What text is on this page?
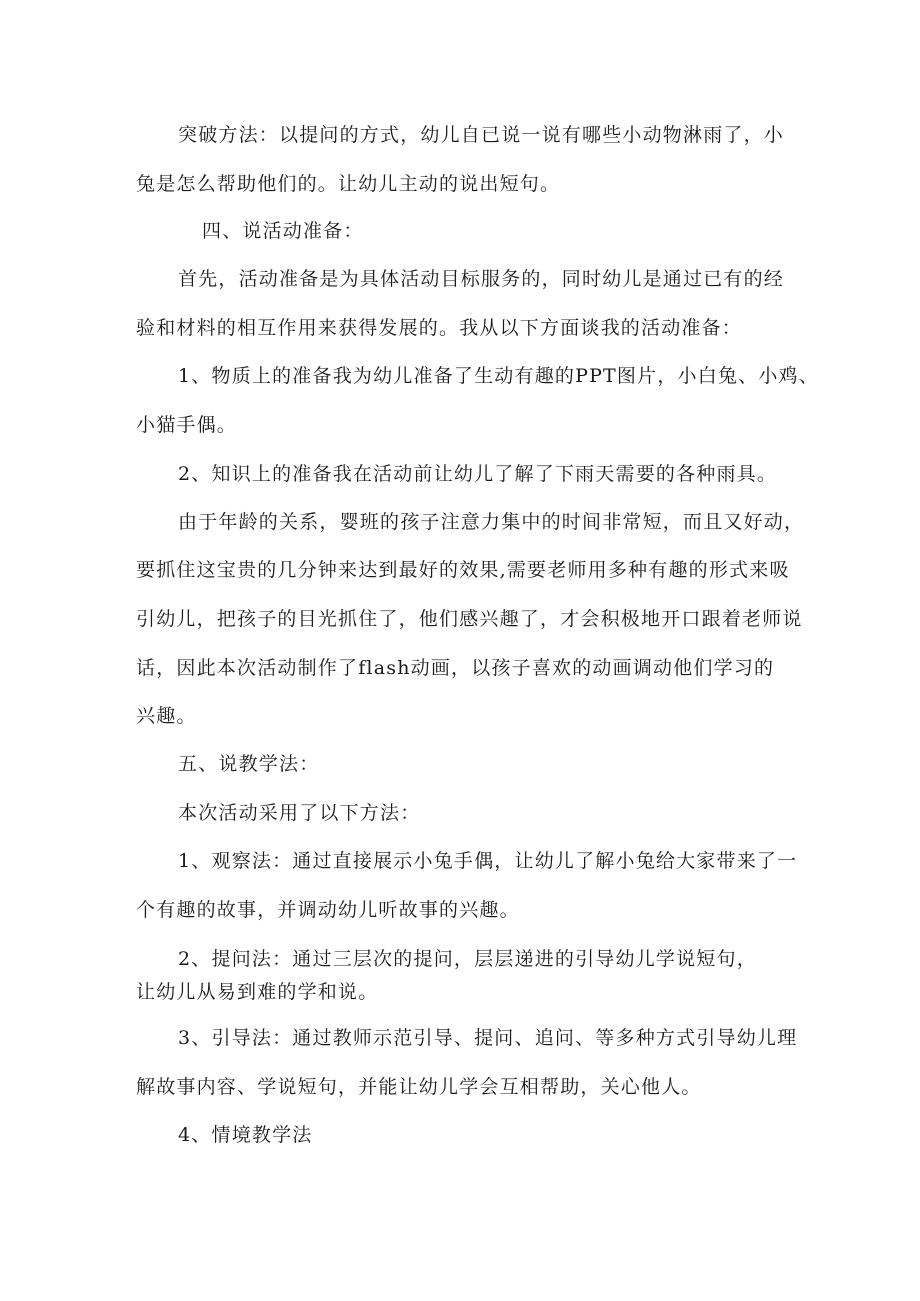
突破方法：以提问的方式，幼儿自已说一说有哪些小动物淋雨了，小
兔是怎么帮助他们的。让幼儿主动的说出短句。
四、说活动准备：
首先，活动准备是为具体活动目标服务的，同时幼儿是通过已有的经
验和材料的相互作用来获得发展的。我从以下方面谈我的活动准备：
1、物质上的准备我为幼儿准备了生动有趣的PPT图片，小白兔、小鸡、
小猫手偶。
2、知识上的准备我在活动前让幼儿了解了下雨天需要的各种雨具。
由于年龄的关系，婴班的孩子注意力集中的时间非常短，而且又好动，
要抓住这宝贵的几分钟来达到最好的效果,需要老师用多种有趣的形式来吸
引幼儿，把孩子的目光抓住了，他们感兴趣了，才会积极地开口跟着老师说
话，因此本次活动制作了flash动画，以孩子喜欢的动画调动他们学习的
兴趣。
五、说教学法：
本次活动采用了以下方法：
1、观察法：通过直接展示小兔手偶，让幼儿了解小兔给大家带来了一
个有趣的故事，并调动幼儿听故事的兴趣。
2、提问法：通过三层次的提问，层层递进的引导幼儿学说短句，
让幼儿从易到难的学和说。
3、引导法：通过教师示范引导、提问、追问、等多种方式引导幼儿理
解故事内容、学说短句，并能让幼儿学会互相帮助，关心他人。
4、情境教学法
